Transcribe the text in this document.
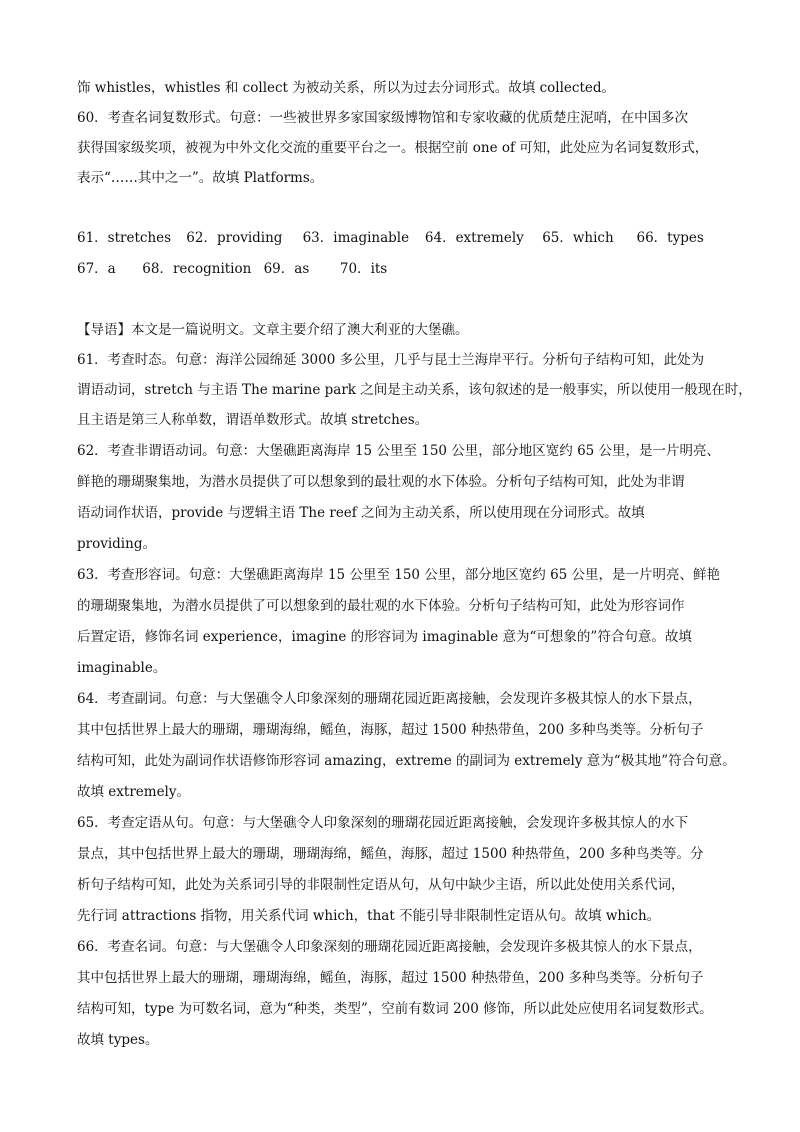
饰 whistles，whistles 和 collect 为被动关系，所以为过去分词形式。故填 collected。
60．考查名词复数形式。句意：一些被世界多家国家级博物馆和专家收藏的优质楚庄泥哨，在中国多次
获得国家级奖项，被视为中外文化交流的重要平台之一。根据空前 one of 可知，此处应为名词复数形式，
表示“……其中之一”。故填 Platforms。
61．stretches 62．providing 63．imaginable 64．extremely 65．which 66．types
67．a 68．recognition 69．as 70．its
【导语】本文是一篇说明文。文章主要介绍了澳大利亚的大堡礁。
61．考查时态。句意：海洋公园绵延 3000 多公里，几乎与昆士兰海岸平行。分析句子结构可知，此处为
谓语动词，stretch 与主语 The marine park 之间是主动关系，该句叙述的是一般事实，所以使用一般现在时，
且主语是第三人称单数，谓语单数形式。故填 stretches。
62．考查非谓语动词。句意：大堡礁距离海岸 15 公里至 150 公里，部分地区宽约 65 公里，是一片明亮、
鲜艳的珊瑚聚集地，为潜水员提供了可以想象到的最壮观的水下体验。分析句子结构可知，此处为非谓
语动词作状语，provide 与逻辑主语 The reef 之间为主动关系，所以使用现在分词形式。故填
providing。
63．考查形容词。句意：大堡礁距离海岸 15 公里至 150 公里，部分地区宽约 65 公里，是一片明亮、鲜艳
的珊瑚聚集地，为潜水员提供了可以想象到的最壮观的水下体验。分析句子结构可知，此处为形容词作
后置定语，修饰名词 experience，imagine 的形容词为 imaginable 意为“可想象的”符合句意。故填
imaginable。
64．考查副词。句意：与大堡礁令人印象深刻的珊瑚花园近距离接触，会发现许多极其惊人的水下景点，
其中包括世界上最大的珊瑚，珊瑚海绵，鳐鱼，海豚，超过 1500 种热带鱼，200 多种鸟类等。分析句子
结构可知，此处为副词作状语修饰形容词 amazing，extreme 的副词为 extremely 意为“极其地”符合句意。
故填 extremely。
65．考查定语从句。句意：与大堡礁令人印象深刻的珊瑚花园近距离接触，会发现许多极其惊人的水下
景点，其中包括世界上最大的珊瑚，珊瑚海绵，鳐鱼，海豚，超过 1500 种热带鱼，200 多种鸟类等。分
析句子结构可知，此处为关系词引导的非限制性定语从句，从句中缺少主语，所以此处使用关系代词，
先行词 attractions 指物，用关系代词 which，that 不能引导非限制性定语从句。故填 which。
66．考查名词。句意：与大堡礁令人印象深刻的珊瑚花园近距离接触，会发现许多极其惊人的水下景点，
其中包括世界上最大的珊瑚，珊瑚海绵，鳐鱼，海豚，超过 1500 种热带鱼，200 多种鸟类等。分析句子
结构可知，type 为可数名词，意为“种类，类型”，空前有数词 200 修饰，所以此处应使用名词复数形式。
故填 types。
